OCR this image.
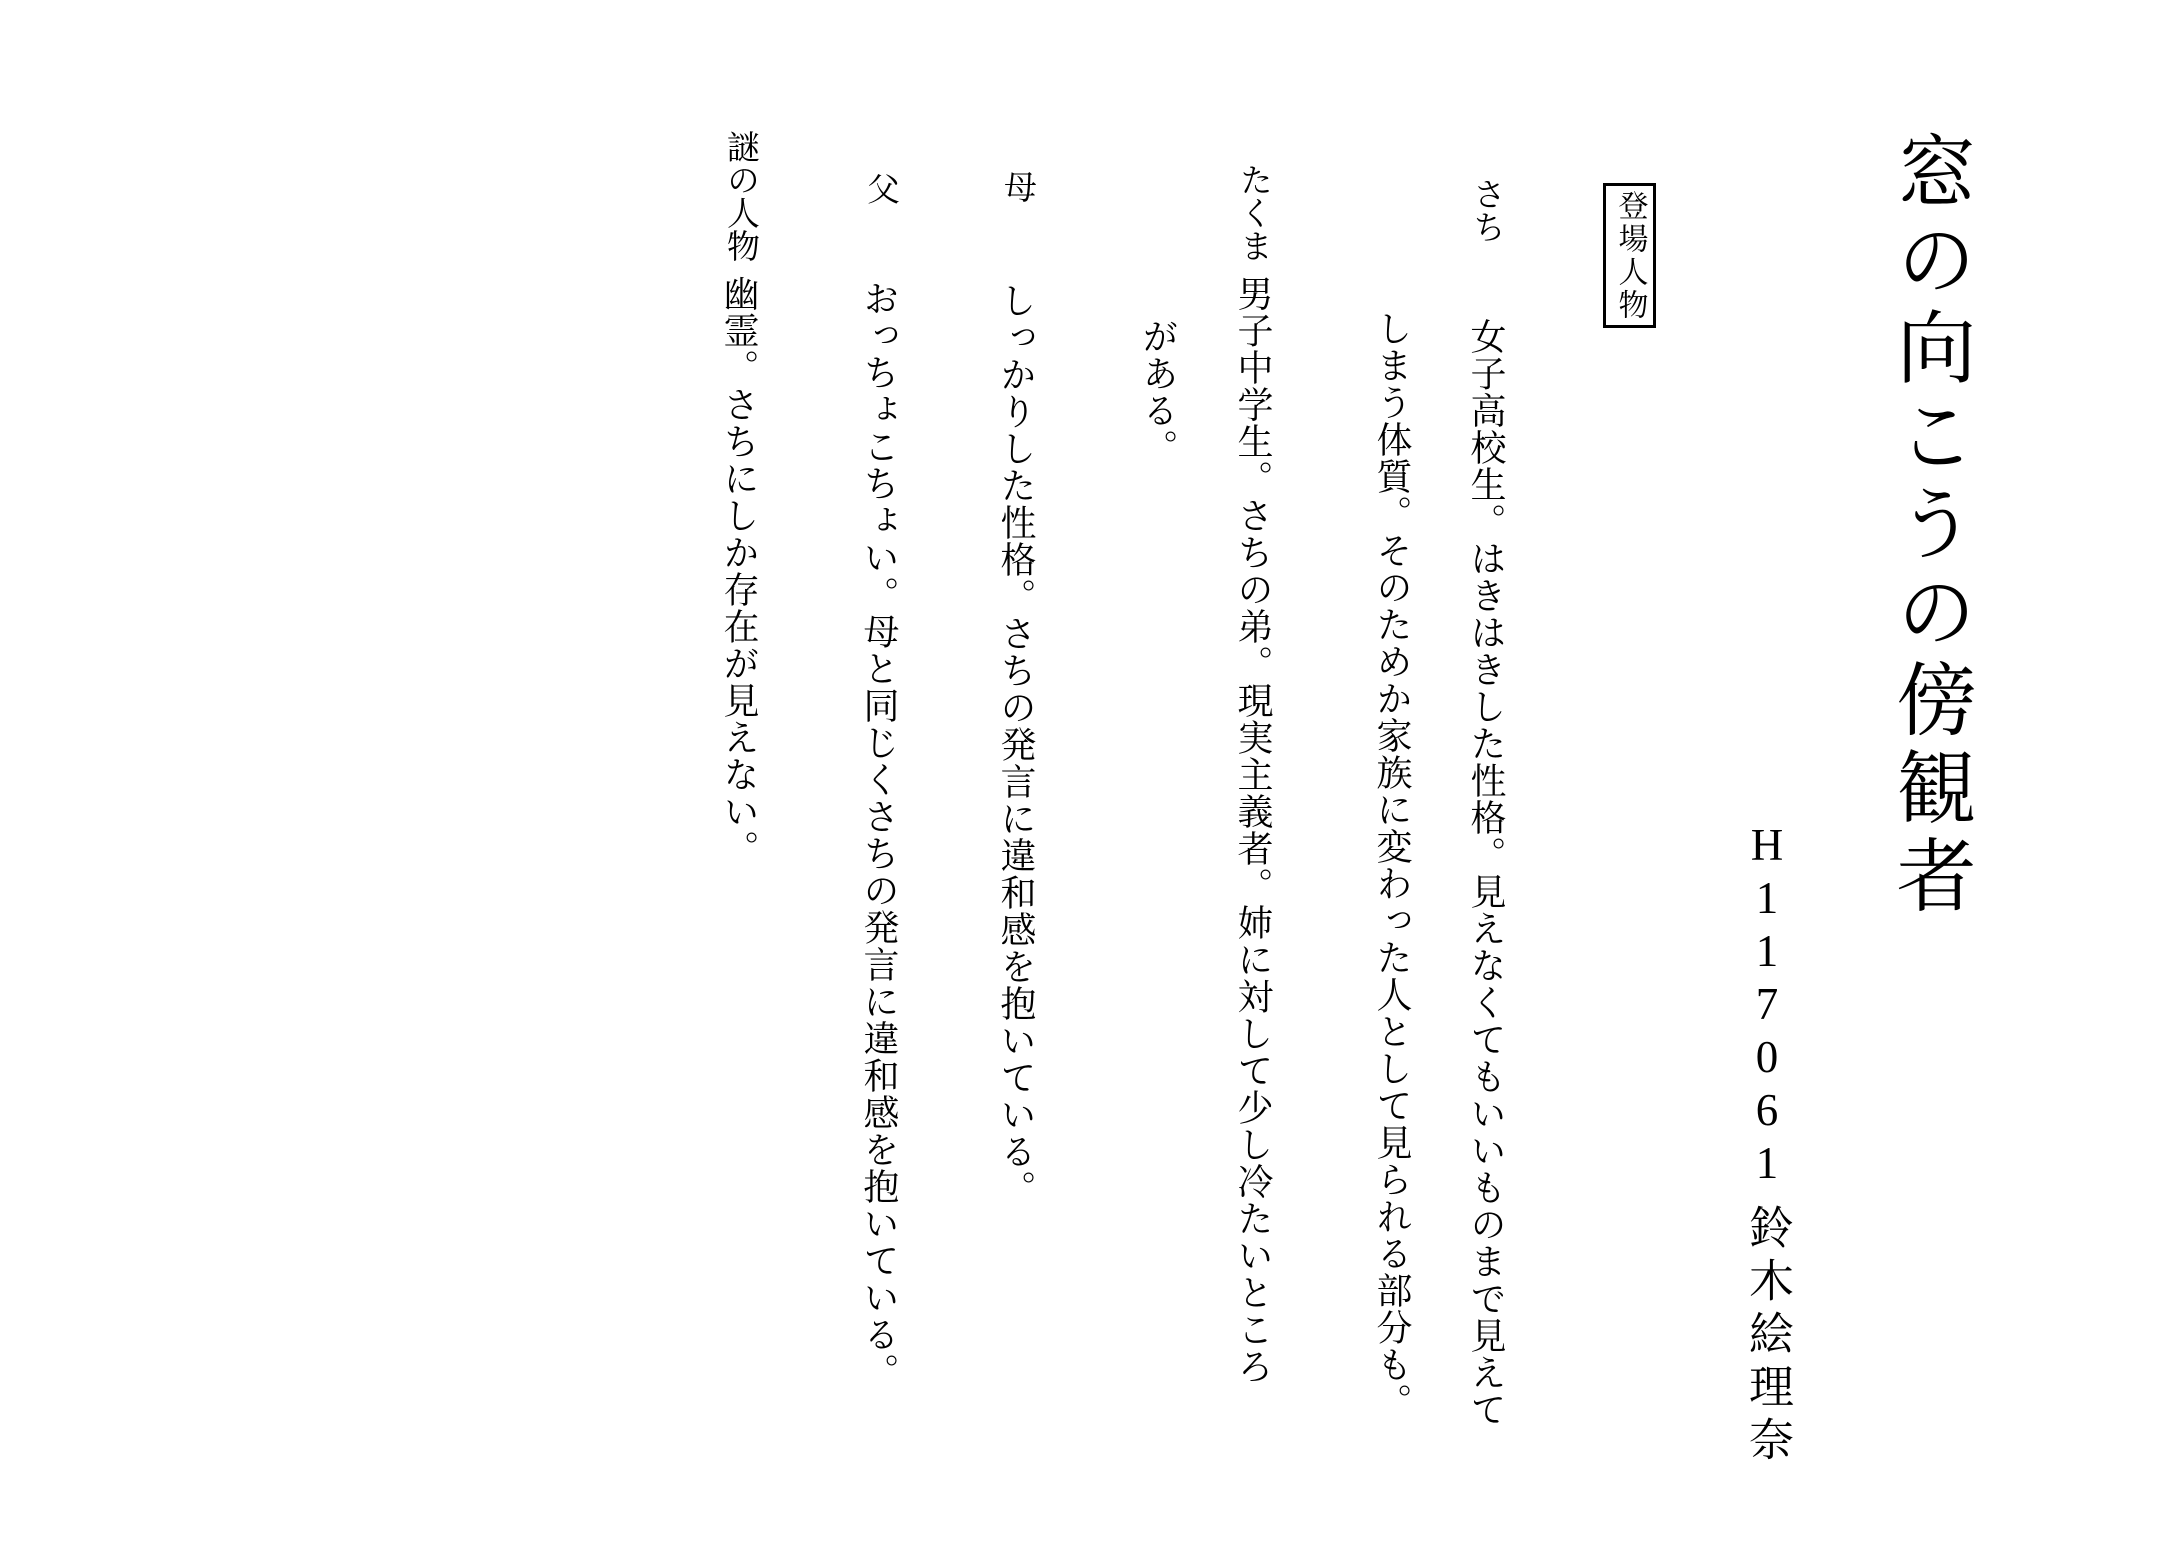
窓の向こうの傍観者
H117061
鈴木絵理奈
登場人物
さち
女子高校生。はきはきした性格。見えなくてもいいものまで見えて
しまう体質。そのためか家族に変わった人として見られる部分も。
たくま
男子中学生。さちの弟。現実主義者。姉に対して少し冷たいところ
がある。
母
しっかりした性格。さちの発言に違和感を抱いている。
父
おっちょこちょい。母と同じくさちの発言に違和感を抱いている。
謎の人物
幽霊。さちにしか存在が見えない。
